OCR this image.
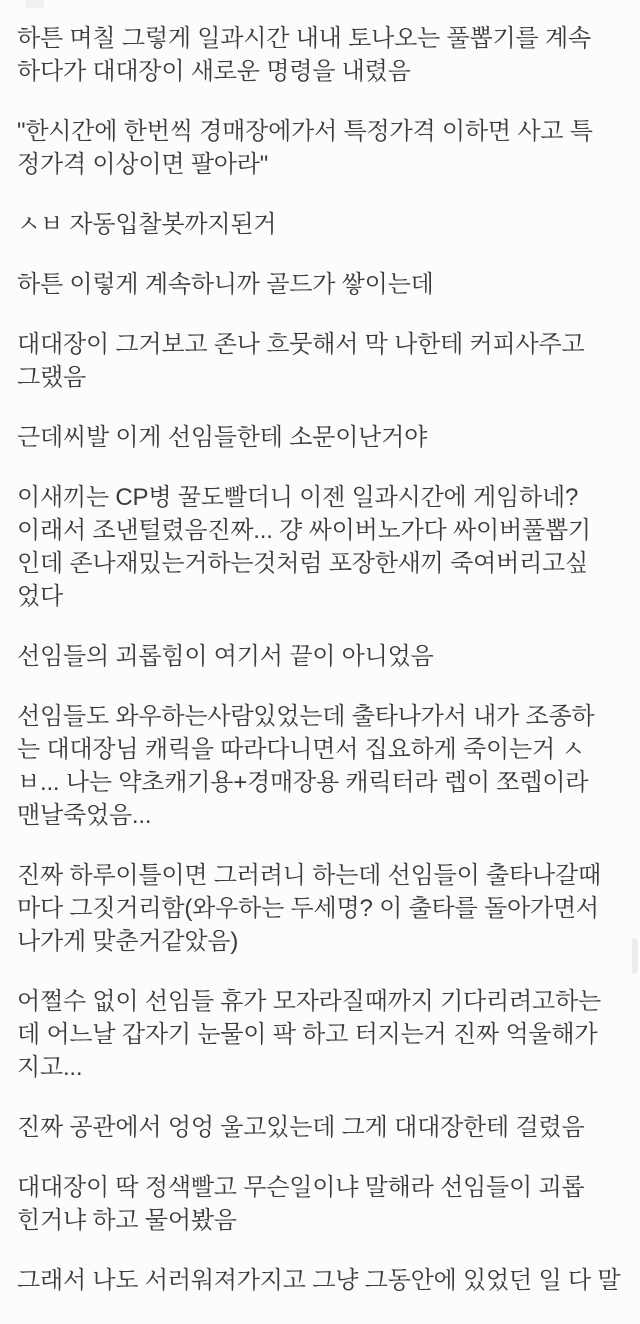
하튼 며칠 그렇게 일과시간 내내 토나오는 풀뽑기를 계속
하다가 대대장이 새로운 명령을 내렸음
"한시간에 한번씩 경매장에가서 특정가격 이하면 사고 특
정가격 이상이면 팔아라"
ㅅㅂ 자동입찰봇까지된거
하튼 이렇게 계속하니까 골드가 쌓이는데
대대장이 그거보고 존나 흐뭇해서 막 나한테 커피사주고
그랬음
근데씨발 이게 선임들한테 소문이난거야
이새끼는 CP병 꿀도빨더니 이젠 일과시간에 게임하네?
이래서 조낸털렸음진짜... 걍 싸이버노가다 싸이버풀뽑기
인데 존나재밌는거하는것처럼 포장한새끼 죽여버리고싶
었다
선임들의 괴롭힘이 여기서 끝이 아니었음
선임들도 와우하는사람있었는데 출타나가서 내가 조종하
는 대대장님 캐릭을 따라다니면서 집요하게 죽이는거 ㅅ
ㅂ... 나는 약초캐기용+경매장용 캐릭터라 렙이 쪼렙이라
맨날죽었음...
진짜 하루이틀이면 그러려니 하는데 선임들이 출타나갈때
마다 그짓거리함(와우하는 두세명? 이 출타를 돌아가면서
나가게 맞춘거같았음)
어쩔수 없이 선임들 휴가 모자라질때까지 기다리려고하는
데 어느날 갑자기 눈물이 팍 하고 터지는거 진짜 억울해가
지고...
진짜 공관에서 엉엉 울고있는데 그게 대대장한테 걸렸음
대대장이 딱 정색빨고 무슨일이냐 말해라 선임들이 괴롭
힌거냐 하고 물어봤음
그래서 나도 서러워져가지고 그냥 그동안에 있었던 일 다 말
